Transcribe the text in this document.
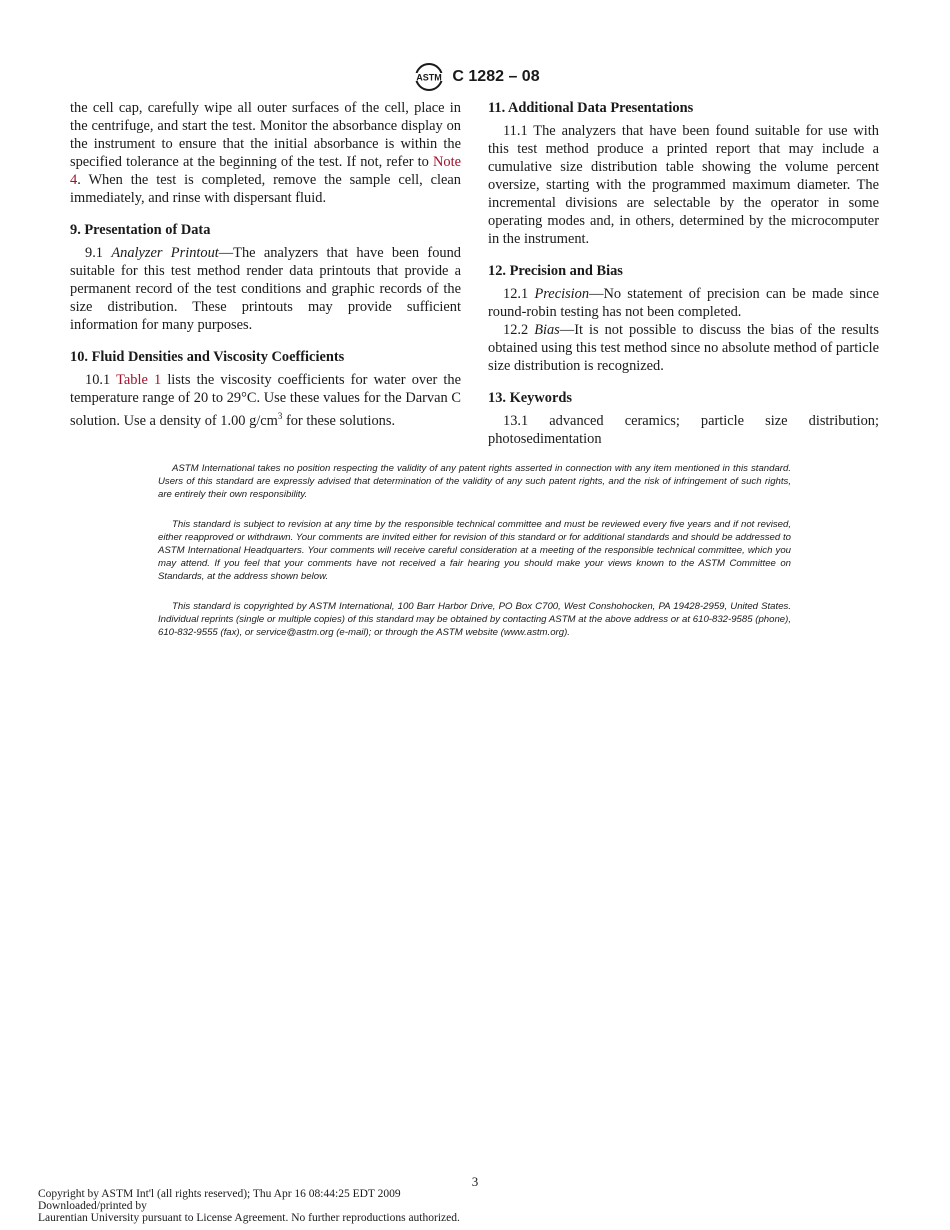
ASTM C 1282 – 08

the cell cap, carefully wipe all outer surfaces of the cell, place in the centrifuge, and start the test. Monitor the absorbance display on the instrument to ensure that the initial absorbance is within the specified tolerance at the beginning of the test. If not, refer to Note 4. When the test is completed, remove the sample cell, clean immediately, and rinse with dispersant fluid.

9. Presentation of Data

9.1 Analyzer Printout—The analyzers that have been found suitable for this test method render data printouts that provide a permanent record of the test conditions and graphic records of the size distribution. These printouts may provide sufficient information for many purposes.

10. Fluid Densities and Viscosity Coefficients

10.1 Table 1 lists the viscosity coefficients for water over the temperature range of 20 to 29°C. Use these values for the Darvan C solution. Use a density of 1.00 $g/cm^3$ for these solutions.

11. Additional Data Presentations

11.1 The analyzers that have been found suitable for use with this test method produce a printed report that may include a cumulative size distribution table showing the volume percent oversize, starting with the programmed maximum diameter. The incremental divisions are selectable by the operator in some operating modes and, in others, determined by the microcomputer in the instrument.

12. Precision and Bias

12.1 Precision—No statement of precision can be made since round-robin testing has not been completed.

12.2 Bias—It is not possible to discuss the bias of the results obtained using this test method since no absolute method of particle size distribution is recognized.

13. Keywords

13.1 advanced ceramics; particle size distribution; photosedimentation

ASTM International takes no position respecting the validity of any patent rights asserted in connection with any item mentioned in this standard. Users of this standard are expressly advised that determination of the validity of any such patent rights, and the risk of infringement of such rights, are entirely their own responsibility.

This standard is subject to revision at any time by the responsible technical committee and must be reviewed every five years and if not revised, either reapproved or withdrawn. Your comments are invited either for revision of this standard or for additional standards and should be addressed to ASTM International Headquarters. Your comments will receive careful consideration at a meeting of the responsible technical committee, which you may attend. If you feel that your comments have not received a fair hearing you should make your views known to the ASTM Committee on Standards, at the address shown below.

This standard is copyrighted by ASTM International, 100 Barr Harbor Drive, PO Box C700, West Conshohocken, PA 19428-2959, United States. Individual reprints (single or multiple copies) of this standard may be obtained by contacting ASTM at the above address or at 610-832-9585 (phone), 610-832-9555 (fax), or service@astm.org (e-mail); or through the ASTM website (www.astm.org).

3
Copyright by ASTM Int'l (all rights reserved); Thu Apr 16 08:44:25 EDT 2009
Downloaded/printed by
Laurentian University pursuant to License Agreement. No further reproductions authorized.
